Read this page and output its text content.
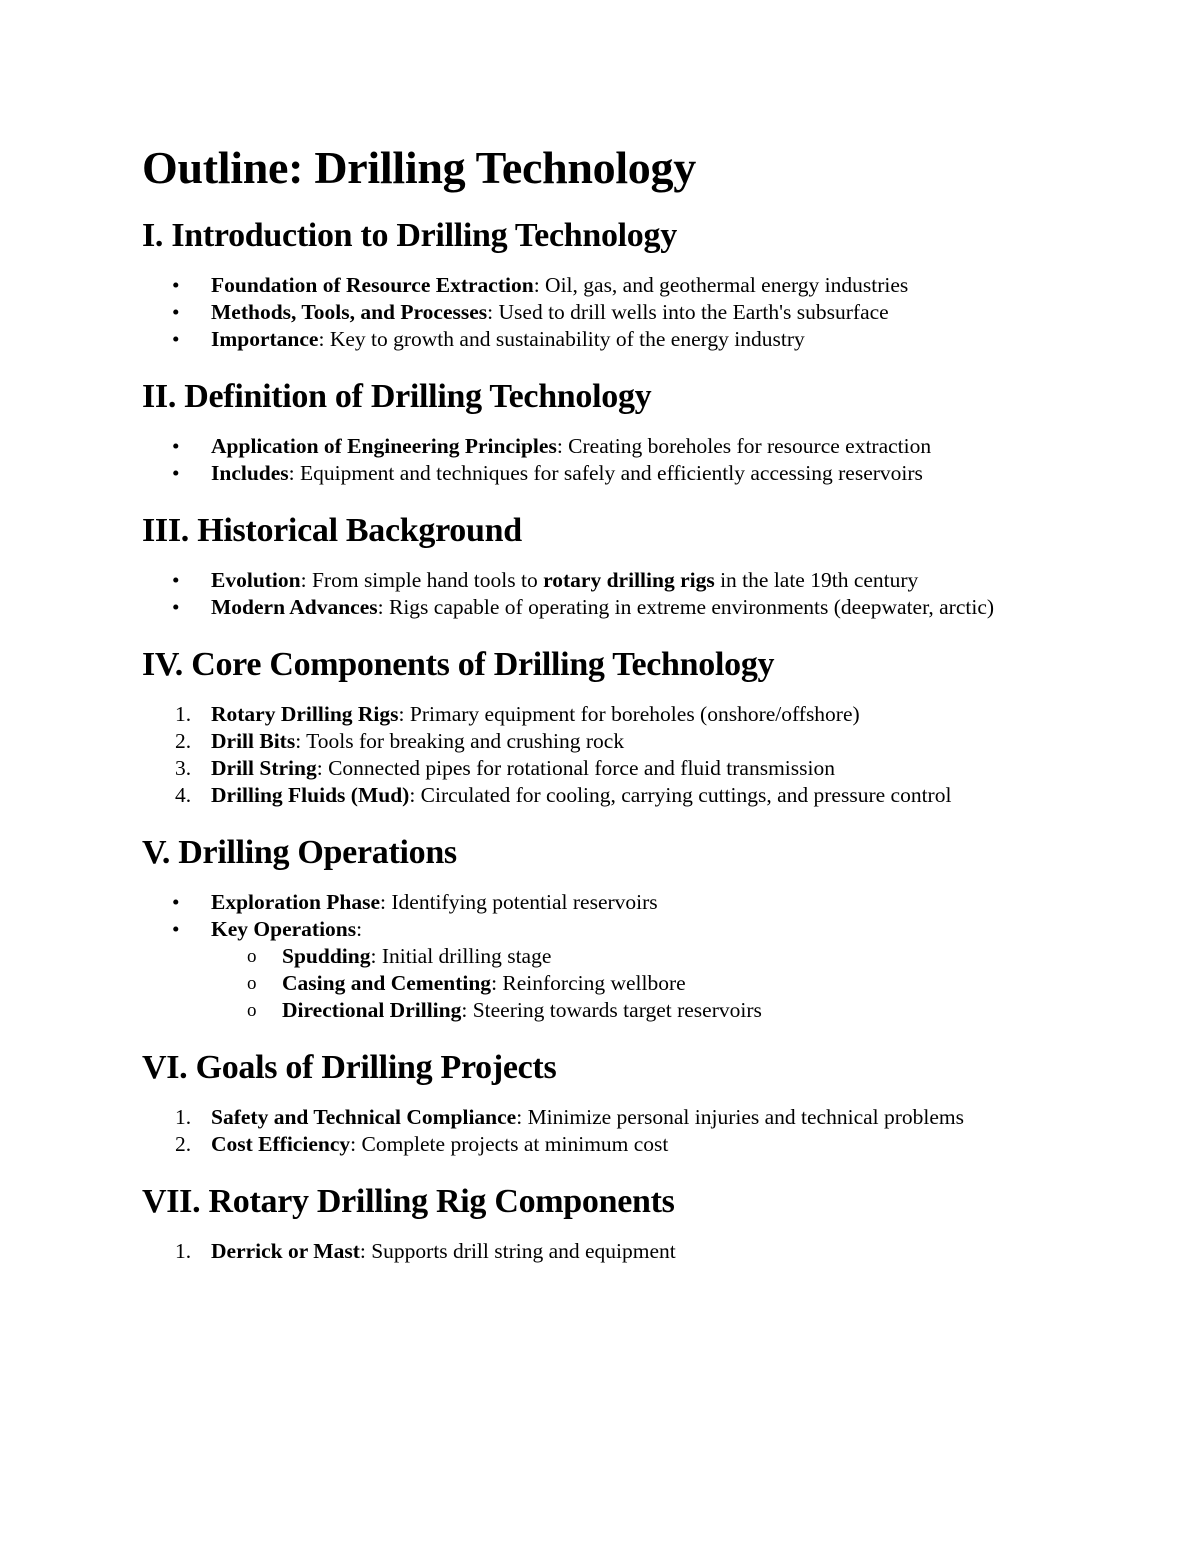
Outline: Drilling Technology
I. Introduction to Drilling Technology
•	Foundation of Resource Extraction: Oil, gas, and geothermal energy industries
•	Methods, Tools, and Processes: Used to drill wells into the Earth's subsurface
•	Importance: Key to growth and sustainability of the energy industry
II. Definition of Drilling Technology
•	Application of Engineering Principles: Creating boreholes for resource extraction
•	Includes: Equipment and techniques for safely and efficiently accessing reservoirs
III. Historical Background
•	Evolution: From simple hand tools to rotary drilling rigs in the late 19th century
•	Modern Advances: Rigs capable of operating in extreme environments (deepwater, arctic)
IV. Core Components of Drilling Technology
1. Rotary Drilling Rigs: Primary equipment for boreholes (onshore/offshore)
2. Drill Bits: Tools for breaking and crushing rock
3. Drill String: Connected pipes for rotational force and fluid transmission
4. Drilling Fluids (Mud): Circulated for cooling, carrying cuttings, and pressure control
V. Drilling Operations
•	Exploration Phase: Identifying potential reservoirs
•	Key Operations:
o	Spudding: Initial drilling stage
o	Casing and Cementing: Reinforcing wellbore
o	Directional Drilling: Steering towards target reservoirs
VI. Goals of Drilling Projects
1. Safety and Technical Compliance: Minimize personal injuries and technical problems
2. Cost Efficiency: Complete projects at minimum cost
VII. Rotary Drilling Rig Components
1. Derrick or Mast: Supports drill string and equipment
